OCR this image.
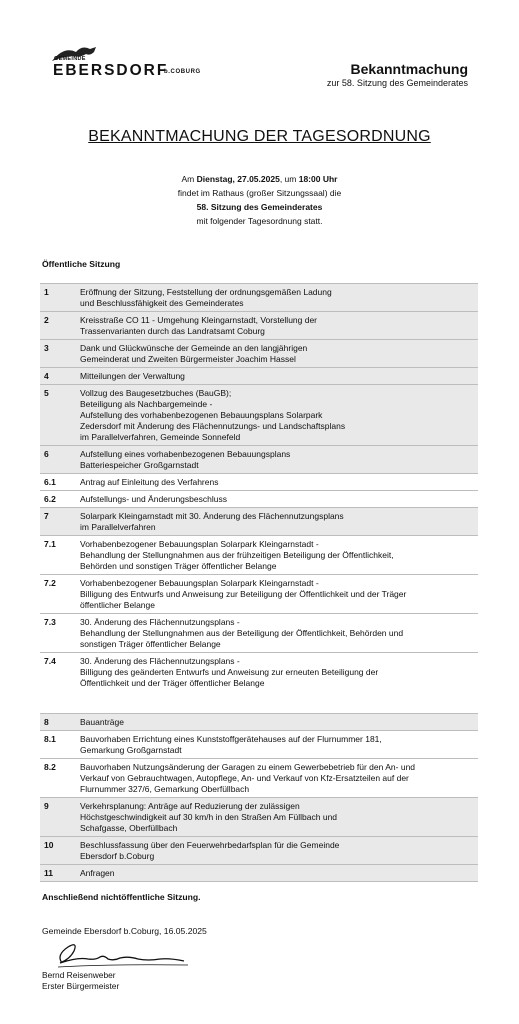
GEMEINDE
EBERSDORF
b.COBURG	Bekanntmachung
zur 58. Sitzung des Gemeinderates
BEKANNTMACHUNG DER TAGESORDNUNG
Am Dienstag, 27.05.2025, um 18:00 Uhr
findet im Rathaus (großer Sitzungssaal) die
58. Sitzung des Gemeinderates
mit folgender Tagesordnung statt.
Öffentliche Sitzung
1	Eröffnung der Sitzung, Feststellung der ordnungsgemäßen Ladung
und Beschlussfähigkeit des Gemeinderates
2	Kreisstraße CO 11 - Umgehung Kleingarnstadt, Vorstellung der
Trassenvarianten durch das Landratsamt Coburg
3	Dank und Glückwünsche der Gemeinde an den langjährigen
Gemeinderat und Zweiten Bürgermeister Joachim Hassel
4	Mitteilungen der Verwaltung
5	Vollzug des Baugesetzbuches (BauGB);
Beteiligung als Nachbargemeinde -
Aufstellung des vorhabenbezogenen Bebauungsplans Solarpark
Zedersdorf mit Änderung des Flächennutzungs- und Landschaftsplans
im Parallelverfahren, Gemeinde Sonnefeld
6	Aufstellung eines vorhabenbezogenen Bebauungsplans
Batteriespeicher Großgarnstadt
6.1	Antrag auf Einleitung des Verfahrens
6.2	Aufstellungs- und Änderungsbeschluss
7	Solarpark Kleingarnstadt mit 30. Änderung des Flächennutzungsplans
im Parallelverfahren
7.1	Vorhabenbezogener Bebauungsplan Solarpark Kleingarnstadt -
Behandlung der Stellungnahmen aus der frühzeitigen Beteiligung der Öffentlichkeit,
Behörden und sonstigen Träger öffentlicher Belange
7.2	Vorhabenbezogener Bebauungsplan Solarpark Kleingarnstadt -
Billigung des Entwurfs und Anweisung zur Beteiligung der Öffentlichkeit und der Träger
öffentlicher Belange
7.3	30. Änderung des Flächennutzungsplans -
Behandlung der Stellungnahmen aus der Beteiligung der Öffentlichkeit, Behörden und
sonstigen Träger öffentlicher Belange
7.4	30. Änderung des Flächennutzungsplans -
Billigung des geänderten Entwurfs und Anweisung zur erneuten Beteiligung der
Öffentlichkeit und der Träger öffentlicher Belange
8	Bauanträge
8.1	Bauvorhaben Errichtung eines Kunststoffgerätehauses auf der Flurnummer 181,
Gemarkung Großgarnstadt
8.2	Bauvorhaben Nutzungsänderung der Garagen zu einem Gewerbebetrieb für den An- und
Verkauf von Gebrauchtwagen, Autopflege, An- und Verkauf von Kfz-Ersatzteilen auf der
Flurnummer 327/6, Gemarkung Oberfüllbach
9	Verkehrsplanung: Anträge auf Reduzierung der zulässigen
Höchstgeschwindigkeit auf 30 km/h in den Straßen Am Füllbach und
Schafgasse, Oberfüllbach
10	Beschlussfassung über den Feuerwehrbedarfsplan für die Gemeinde
Ebersdorf b.Coburg
11	Anfragen
Anschließend nichtöffentliche Sitzung.
Gemeinde Ebersdorf b.Coburg, 16.05.2025
Bernd Reisenweber
Erster Bürgermeister
